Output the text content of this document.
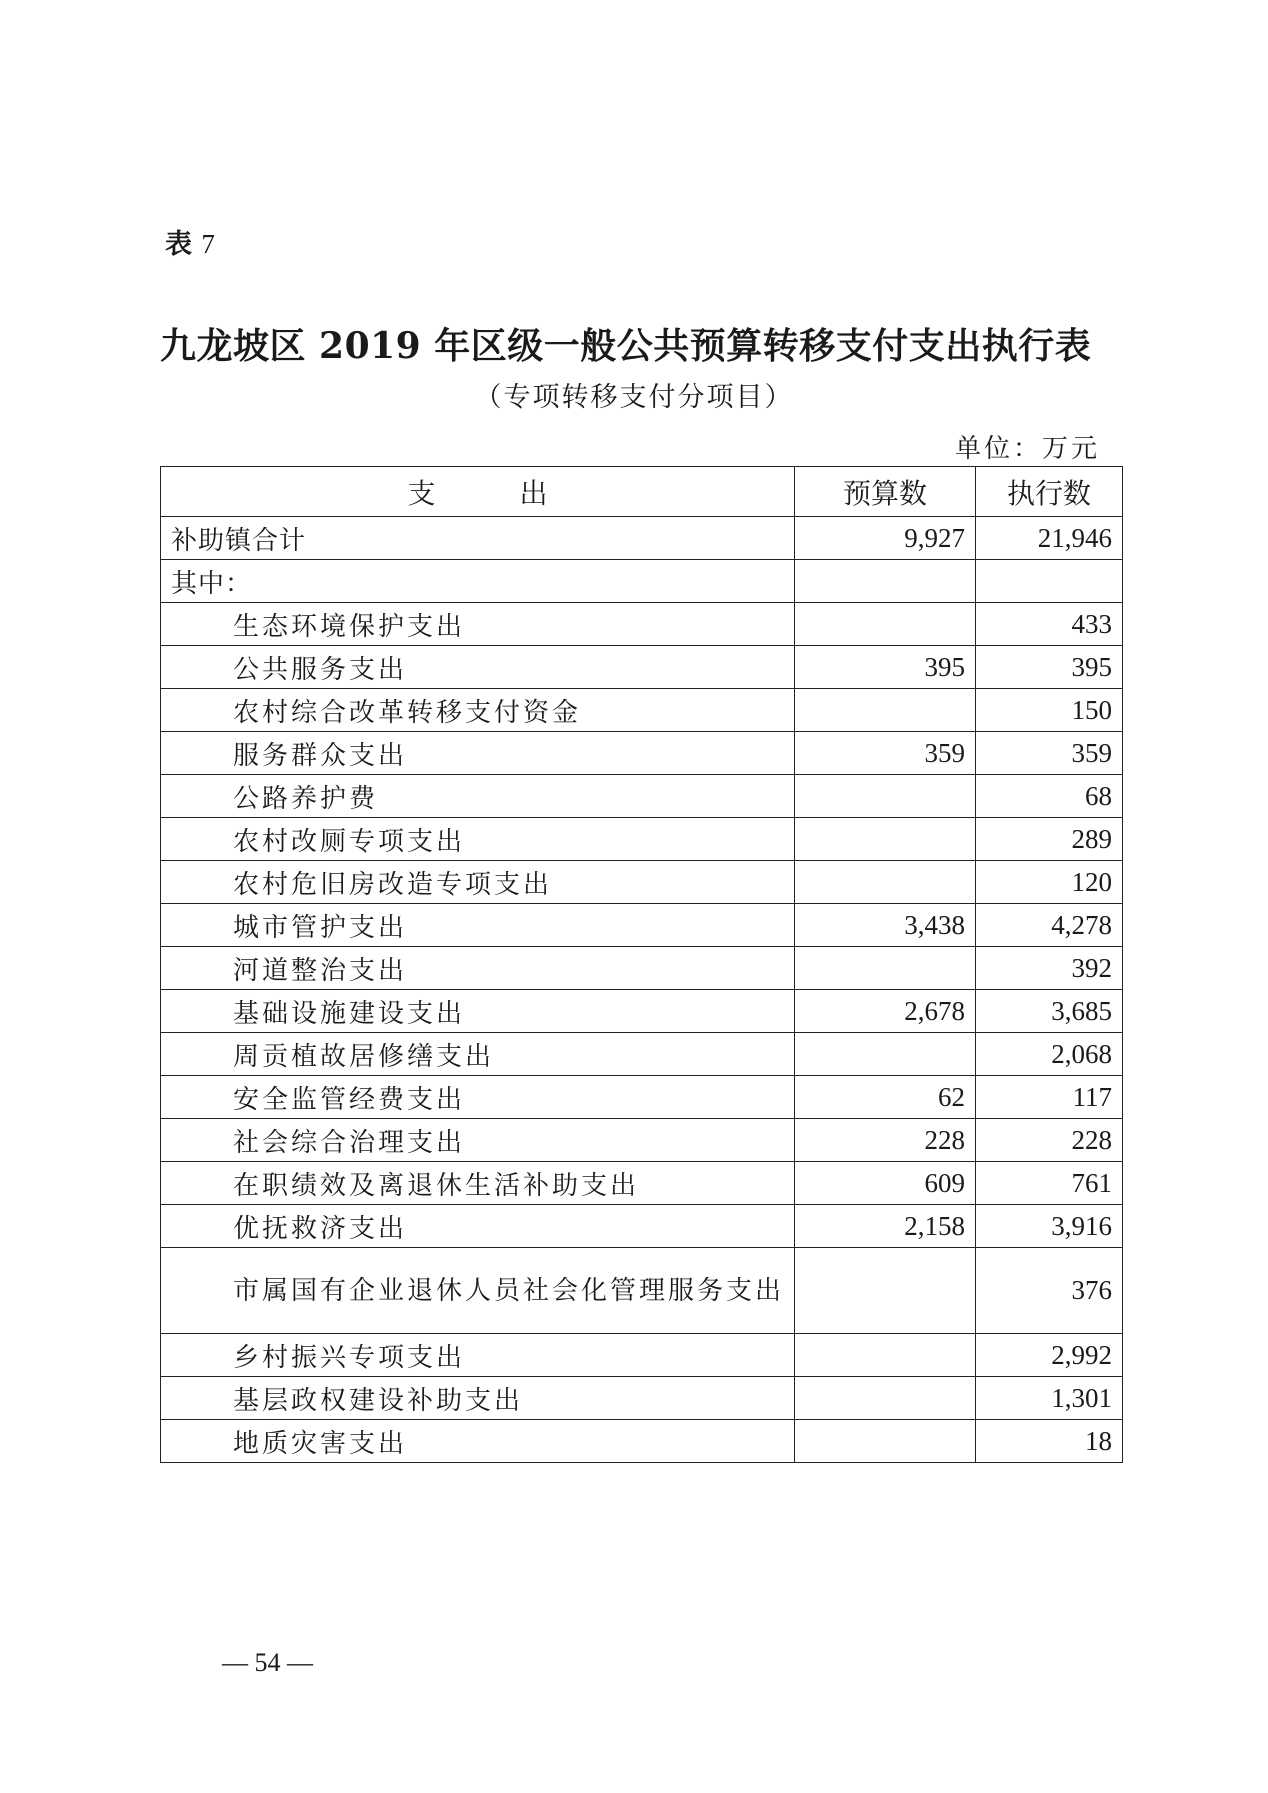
表 7
九龙坡区 2019 年区级一般公共预算转移支付支出执行表
（专项转移支付分项目）
单位：万元
支出	预算数	执行数
补助镇合计	9,927	21,946
其中：		
生态环境保护支出		433
公共服务支出	395	395
农村综合改革转移支付资金		150
服务群众支出	359	359
公路养护费		68
农村改厕专项支出		289
农村危旧房改造专项支出		120
城市管护支出	3,438	4,278
河道整治支出		392
基础设施建设支出	2,678	3,685
周贡植故居修缮支出		2,068
安全监管经费支出	62	117
社会综合治理支出	228	228
在职绩效及离退休生活补助支出	609	761
优抚救济支出	2,158	3,916
市属国有企业退休人员社会化管理服务支出		376
乡村振兴专项支出		2,992
基层政权建设补助支出		1,301
地质灾害支出		18
— 54 —
